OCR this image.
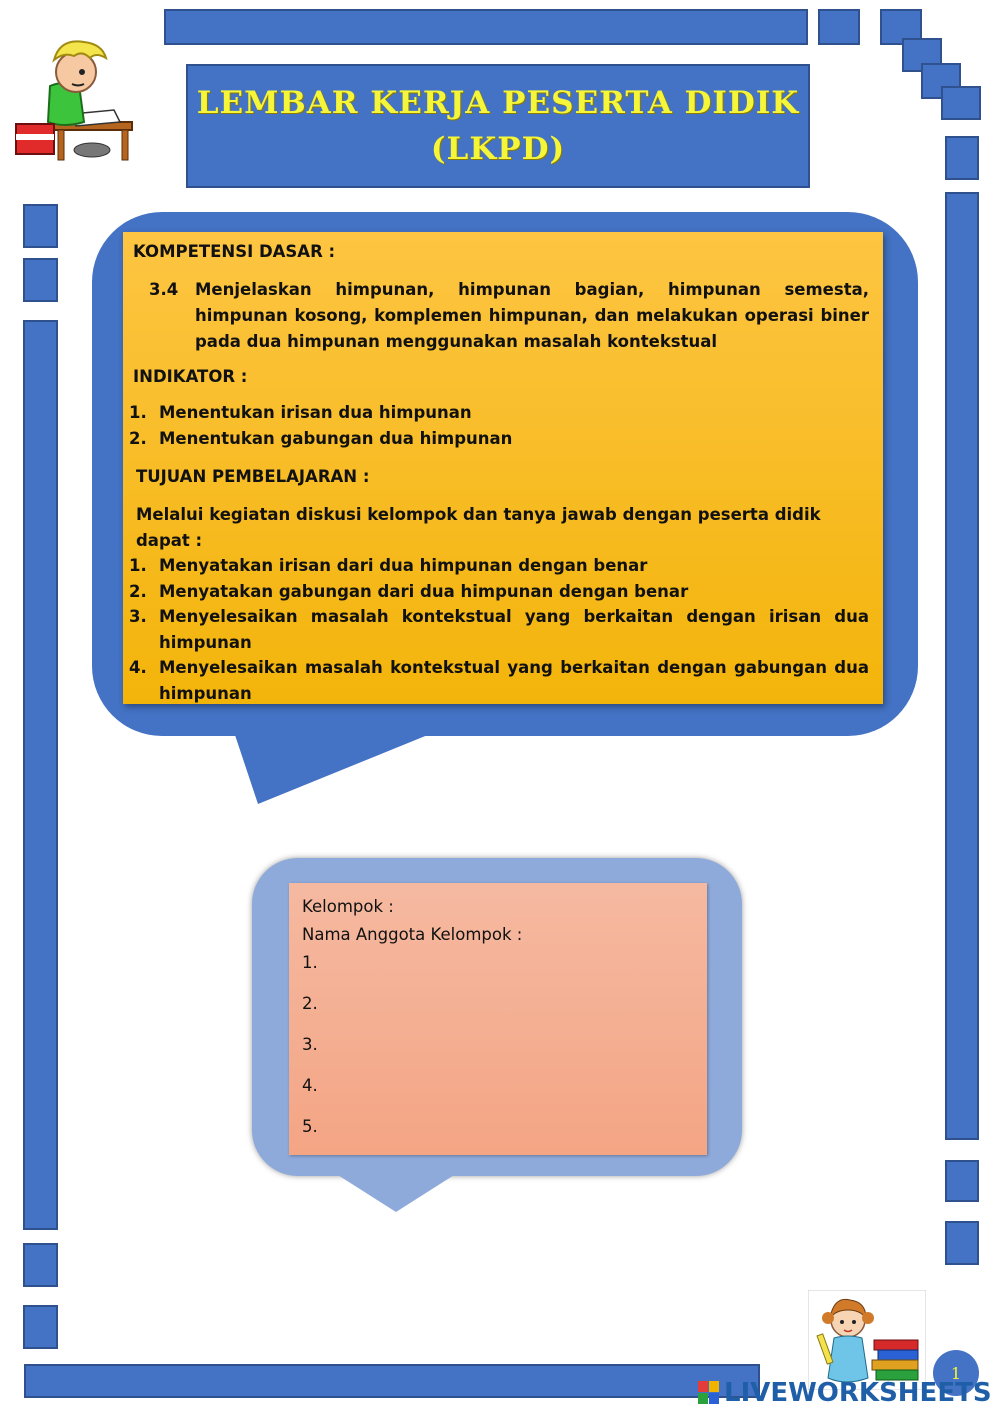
LEMBAR KERJA PESERTA DIDIK
(LKPD)

KOMPETENSI DASAR :

3.4	Menjelaskan himpunan, himpunan bagian, himpunan semesta, himpunan kosong, komplemen himpunan, dan melakukan operasi biner pada dua himpunan menggunakan masalah kontekstual

INDIKATOR :

1. Menentukan irisan dua himpunan
2. Menentukan gabungan dua himpunan

TUJUAN PEMBELAJARAN :

Melalui kegiatan diskusi kelompok dan tanya jawab dengan peserta didik dapat :

1. Menyatakan irisan dari dua himpunan dengan benar
2. Menyatakan gabungan dari dua himpunan dengan benar
3. Menyelesaikan masalah kontekstual yang berkaitan dengan irisan dua himpunan
4. Menyelesaikan masalah kontekstual yang berkaitan dengan gabungan dua himpunan
Kelompok :
Nama Anggota Kelompok :
1.
2.
3.
4.
5.
1
LIVEWORKSHEETS
